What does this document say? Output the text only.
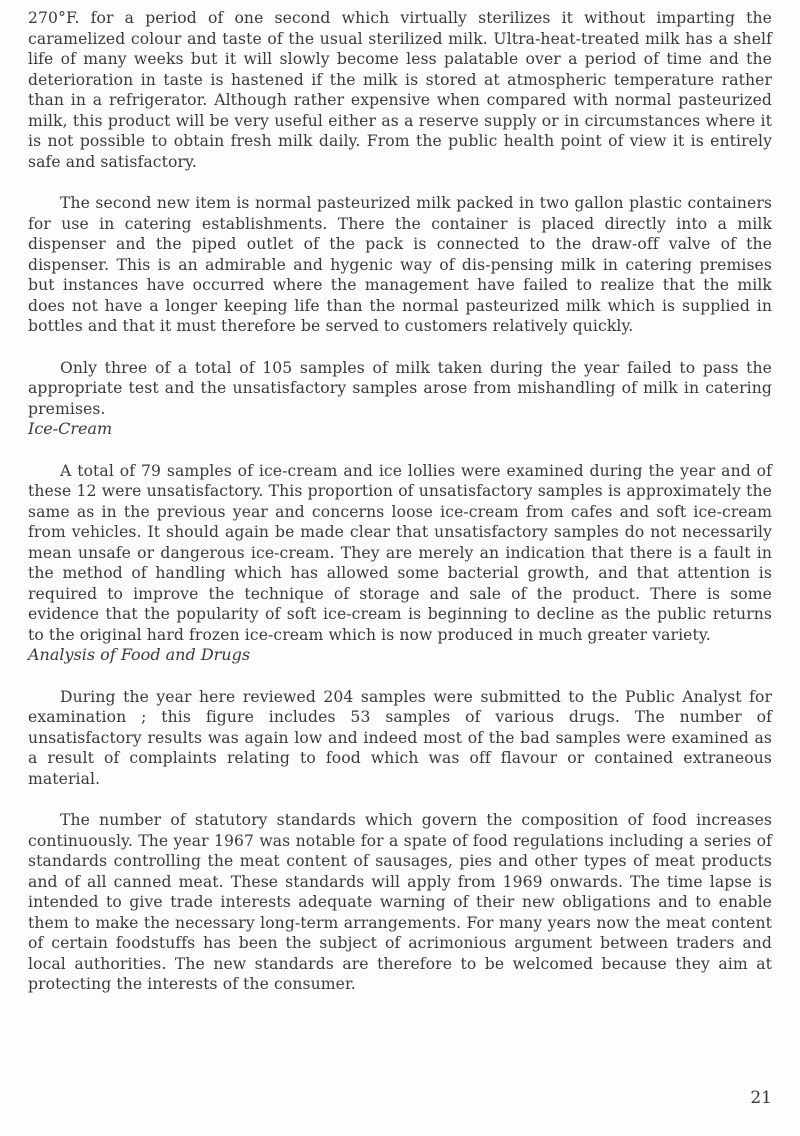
270°F. for a period of one second which virtually sterilizes it without imparting the caramelized colour and taste of the usual sterilized milk. Ultra-heat-treated milk has a shelf life of many weeks but it will slowly become less palatable over a period of time and the deterioration in taste is hastened if the milk is stored at atmospheric temperature rather than in a refrigerator. Although rather expensive when compared with normal pasteurized milk, this product will be very useful either as a reserve supply or in circumstances where it is not possible to obtain fresh milk daily. From the public health point of view it is entirely safe and satisfactory.

The second new item is normal pasteurized milk packed in two gallon plastic containers for use in catering establishments. There the container is placed directly into a milk dispenser and the piped outlet of the pack is connected to the draw-off valve of the dispenser. This is an admirable and hygenic way of dis-pensing milk in catering premises but instances have occurred where the management have failed to realize that the milk does not have a longer keeping life than the normal pasteurized milk which is supplied in bottles and that it must therefore be served to customers relatively quickly.

Only three of a total of 105 samples of milk taken during the year failed to pass the appropriate test and the unsatisfactory samples arose from mishandling of milk in catering premises.

Ice-Cream

A total of 79 samples of ice-cream and ice lollies were examined during the year and of these 12 were unsatisfactory. This proportion of unsatisfactory samples is approximately the same as in the previous year and concerns loose ice-cream from cafes and soft ice-cream from vehicles. It should again be made clear that unsatisfactory samples do not necessarily mean unsafe or dangerous ice-cream. They are merely an indication that there is a fault in the method of handling which has allowed some bacterial growth, and that attention is required to improve the technique of storage and sale of the product. There is some evidence that the popularity of soft ice-cream is beginning to decline as the public returns to the original hard frozen ice-cream which is now produced in much greater variety.

Analysis of Food and Drugs

During the year here reviewed 204 samples were submitted to the Public Analyst for examination ; this figure includes 53 samples of various drugs. The number of unsatisfactory results was again low and indeed most of the bad samples were examined as a result of complaints relating to food which was off flavour or contained extraneous material.

The number of statutory standards which govern the composition of food increases continuously. The year 1967 was notable for a spate of food regulations including a series of standards controlling the meat content of sausages, pies and other types of meat products and of all canned meat. These standards will apply from 1969 onwards. The time lapse is intended to give trade interests adequate warning of their new obligations and to enable them to make the necessary long-term arrangements. For many years now the meat content of certain foodstuffs has been the subject of acrimonious argument between traders and local authorities. The new standards are therefore to be welcomed because they aim at protecting the interests of the consumer.

21
